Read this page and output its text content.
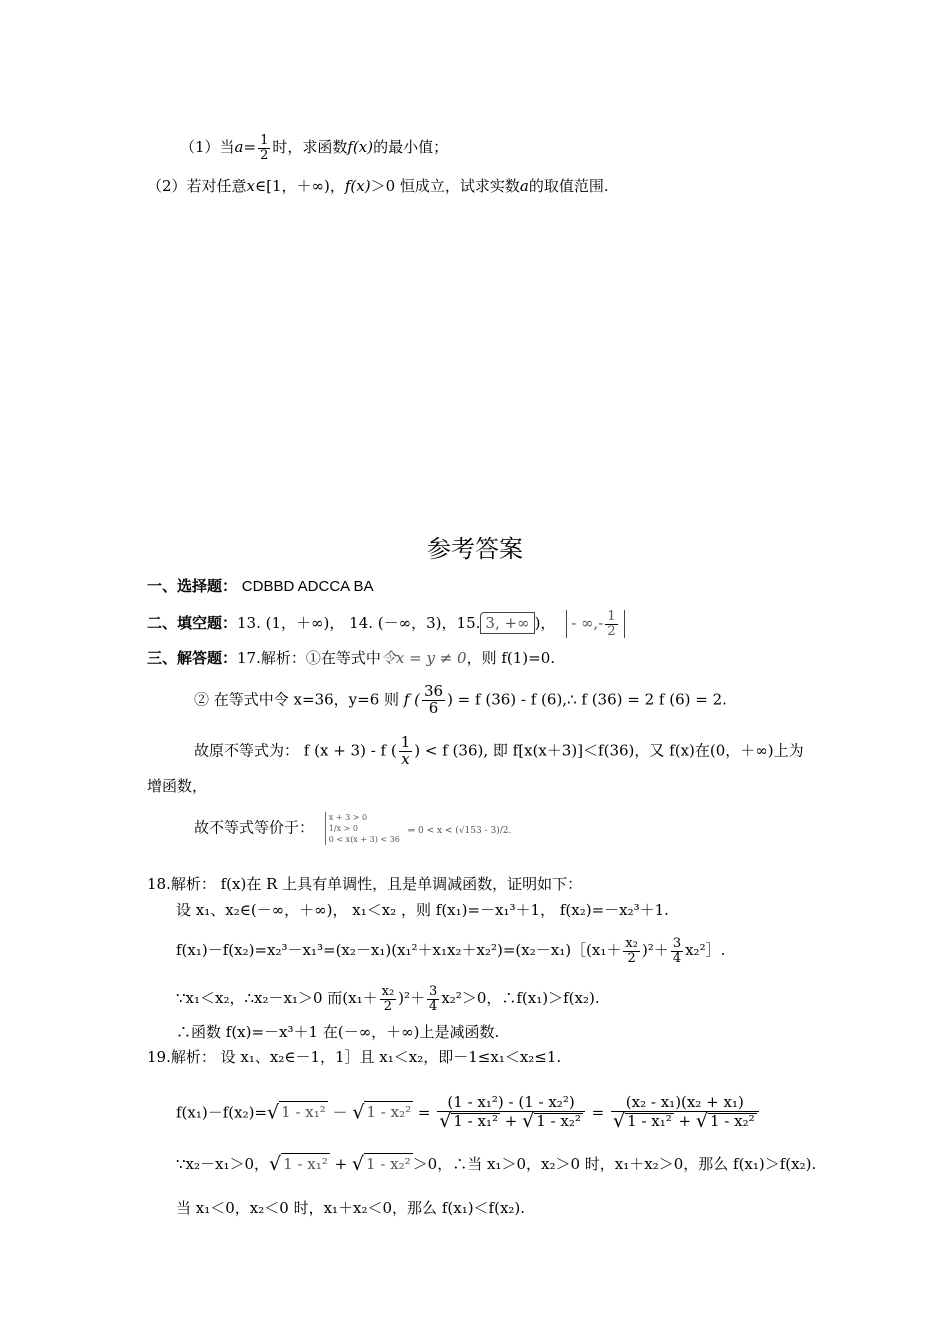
（1）当$a= \frac{1}{2}$ 时，求函数f(x)的最小值；
（2）若对任意x∈[1，＋∞)，f(x)＞0 恒成立，试求实数a的取值范围.
参考答案
一、选择题： CDBBD ADCCA BA
二、填空题：13. (1，＋∞)， 14. (－∞，3)，15. 3, +∞ )， - ∞,- $\frac{1}{2}$
三、解答题：17.解析：①在等式中令x = y ≠ 0，则 f(1)=0.
② 在等式中令 x=36，y=6 则 f ( $\frac{36}{6}$ ) = f (36) - f (6),∴ f (36) = 2 f (6) = 2.
故原不等式为： f (x + 3) - f ( $\frac{1}{x}$ ) < f (36), 即 f[x(x＋3)]＜f(36)，又 f(x)在(0，＋∞)上为
增函数，
故不等式等价于：
x + 3 > 0
1/x > 0
0 < x(x + 3) < 36
⇒ 0 < x < (√153 - 3)/2.
18.解析： f(x)在 R 上具有单调性，且是单调减函数，证明如下：
设 x₁、x₂∈(－∞，＋∞)， x₁＜x₂ ，则 f(x₁)=－x₁³＋1， f(x₂)=－x₂³＋1.
f(x₁)－f(x₂)=x₂³－x₁³=(x₂－x₁)(x₁²＋x₁x₂＋x₂²)=(x₂－x₁)［(x₁＋ $\frac{\text{x₂}}{2} )^2+ \frac{3}{4}$ x₂²］.
∵x₁＜x₂，∴x₂－x₁＞0 而$(x_1+ \frac{\text{x₂}}{2} )^2+ \frac{3}{4} x_2^2>0$，∴f(x₁)＞f(x₂).
∴函数 f(x)=－x³＋1 在(－∞，＋∞)上是减函数.
19.解析： 设 x₁、x₂∈－1，1］且 x₁＜x₂，即－1≤x₁＜x₂≤1.
f(x₁)－f(x₂)=√ 1 - x₁² － √ $1 - x_2^2 = \frac{\text{(1 - x₁²) - (1 - x₂²)}}{\text{√ 1 - x₁² + √ 1 - x₂²}} = \frac{\text{(x₂ - x₁)(x₂ + x₁)}}{\text{√ 1 - x₁² + √ 1 - x₂²}}$
∵x₂－x₁＞0，√ 1 - x₁² + √ 1 - x₂² ＞0，∴当 x₁＞0，x₂＞0 时，x₁＋x₂＞0，那么 f(x₁)＞f(x₂).
当 x₁＜0，x₂＜0 时，x₁＋x₂＜0，那么 f(x₁)＜f(x₂).
